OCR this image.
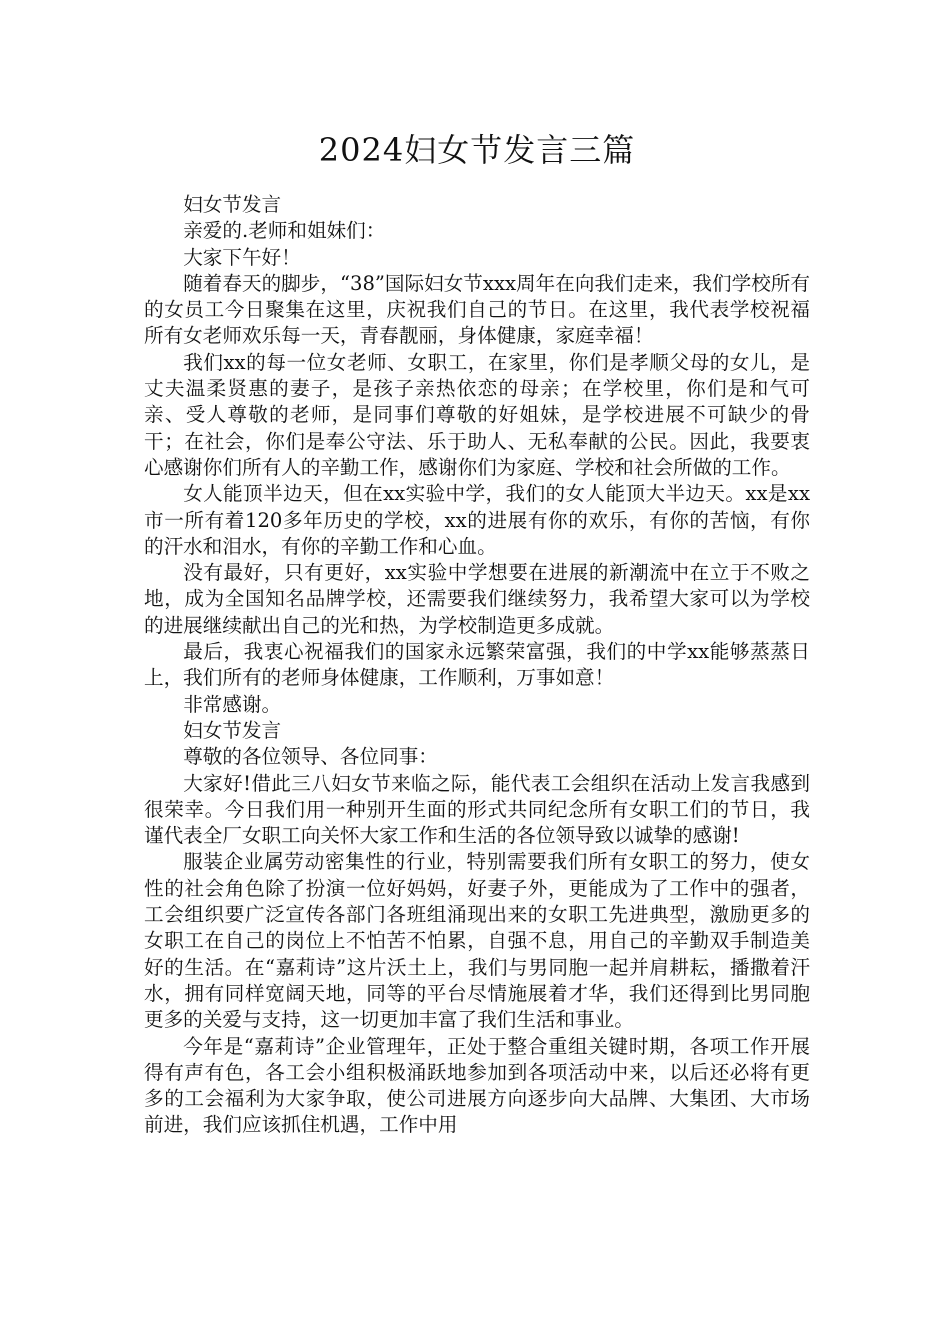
2024妇女节发言三篇

妇女节发言

亲爱的.老师和姐妹们：

大家下午好！

随着春天的脚步，“38”国际妇女节xxx周年在向我们走来，我们学校所有的女员工今日聚集在这里，庆祝我们自己的节日。在这里，我代表学校祝福所有女老师欢乐每一天，青春靓丽，身体健康，家庭幸福！

我们xx的每一位女老师、女职工，在家里，你们是孝顺父母的女儿，是丈夫温柔贤惠的妻子，是孩子亲热依恋的母亲；在学校里，你们是和气可亲、受人尊敬的老师，是同事们尊敬的好姐妹，是学校进展不可缺少的骨干；在社会，你们是奉公守法、乐于助人、无私奉献的公民。因此，我要衷心感谢你们所有人的辛勤工作，感谢你们为家庭、学校和社会所做的工作。

女人能顶半边天，但在xx实验中学，我们的女人能顶大半边天。xx是xx市一所有着120多年历史的学校，xx的进展有你的欢乐，有你的苦恼，有你的汗水和泪水，有你的辛勤工作和心血。

没有最好，只有更好，xx实验中学想要在进展的新潮流中在立于不败之地，成为全国知名品牌学校，还需要我们继续努力，我希望大家可以为学校的进展继续献出自己的光和热，为学校制造更多成就。

最后，我衷心祝福我们的国家永远繁荣富强，我们的中学xx能够蒸蒸日上，我们所有的老师身体健康，工作顺利，万事如意！

非常感谢。

妇女节发言

尊敬的各位领导、各位同事：

大家好!借此三八妇女节来临之际，能代表工会组织在活动上发言我感到很荣幸。今日我们用一种别开生面的形式共同纪念所有女职工们的节日，我谨代表全厂女职工向关怀大家工作和生活的各位领导致以诚挚的感谢!

服装企业属劳动密集性的行业，特别需要我们所有女职工的努力，使女性的社会角色除了扮演一位好妈妈，好妻子外，更能成为了工作中的强者，工会组织要广泛宣传各部门各班组涌现出来的女职工先进典型，激励更多的女职工在自己的岗位上不怕苦不怕累，自强不息，用自己的辛勤双手制造美好的生活。在“嘉莉诗”这片沃土上，我们与男同胞一起并肩耕耘，播撒着汗水，拥有同样宽阔天地，同等的平台尽情施展着才华，我们还得到比男同胞更多的关爱与支持，这一切更加丰富了我们生活和事业。

今年是“嘉莉诗”企业管理年，正处于整合重组关键时期，各项工作开展得有声有色，各工会小组积极涌跃地参加到各项活动中来，以后还必将有更多的工会福利为大家争取，使公司进展方向逐步向大品牌、大集团、大市场前进，我们应该抓住机遇，工作中用
